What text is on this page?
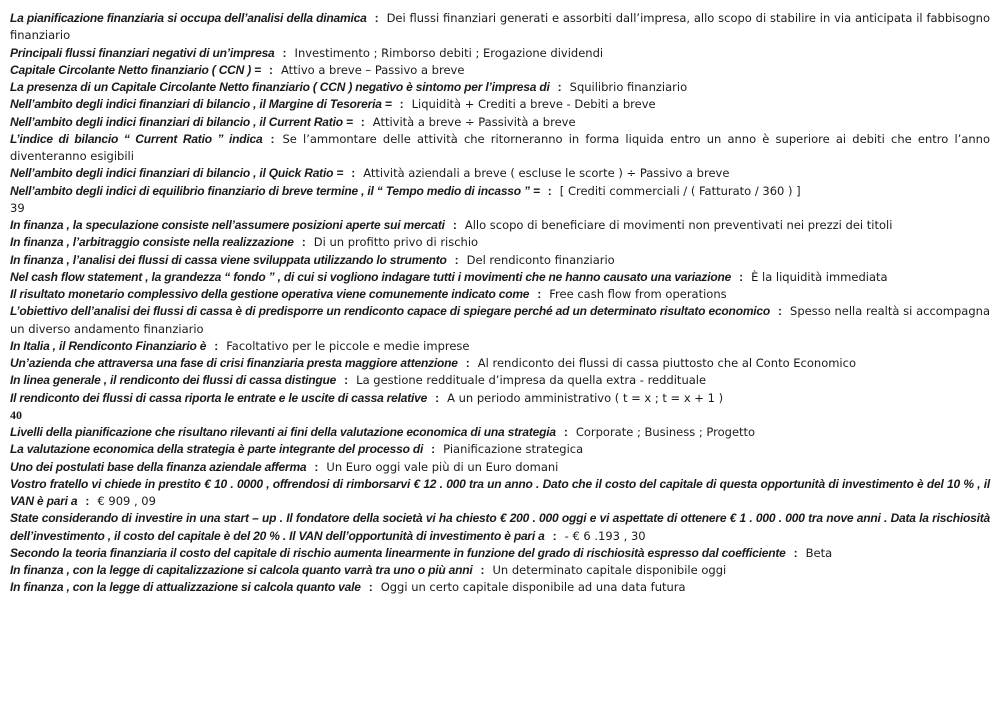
La pianificazione finanziaria si occupa dell’analisi della dinamica : Dei flussi finanziari generati e assorbiti dall’impresa, allo scopo di stabilire in via anticipata il fabbisogno finanziario

Principali flussi finanziari negativi di un’impresa : Investimento ; Rimborso debiti ; Erogazione dividendi

Capitale Circolante Netto finanziario ( CCN ) = : Attivo a breve – Passivo a breve

La presenza di un Capitale Circolante Netto finanziario ( CCN ) negativo è sintomo per l’impresa di : Squilibrio finanziario

Nell’ambito degli indici finanziari di bilancio , il Margine di Tesoreria = : Liquidità + Crediti a breve - Debiti a breve

Nell’ambito degli indici finanziari di bilancio , il Current Ratio = : Attività a breve ÷ Passività a breve

L’indice di bilancio “ Current Ratio ” indica : Se l’ammontare delle attività che ritorneranno in forma liquida entro un anno è superiore ai debiti che entro l’anno diventeranno esigibili

Nell’ambito degli indici finanziari di bilancio , il Quick Ratio = : Attività aziendali a breve ( escluse le scorte ) ÷ Passivo a breve

Nell’ambito degli indici di equilibrio finanziario di breve termine , il “ Tempo medio di incasso ” = : [ Crediti commerciali / ( Fatturato / 360 ) ]

39

In finanza , la speculazione consiste nell’assumere posizioni aperte sui mercati : Allo scopo di beneficiare di movimenti non preventivati nei prezzi dei titoli

In finanza , l’arbitraggio consiste nella realizzazione : Di un profitto privo di rischio

In finanza , l’analisi dei flussi di cassa viene sviluppata utilizzando lo strumento : Del rendiconto finanziario

Nel cash flow statement , la grandezza “ fondo ” , di cui si vogliono indagare tutti i movimenti che ne hanno causato una variazione : È la liquidità immediata

Il risultato monetario complessivo della gestione operativa viene comunemente indicato come : Free cash flow from operations

L’obiettivo dell’analisi dei flussi di cassa è di predisporre un rendiconto capace di spiegare perché ad un determinato risultato economico : Spesso nella realtà si accompagna un diverso andamento finanziario

In Italia , il Rendiconto Finanziario è : Facoltativo per le piccole e medie imprese

Un’azienda che attraversa una fase di crisi finanziaria presta maggiore attenzione : Al rendiconto dei flussi di cassa piuttosto che al Conto Economico

In linea generale , il rendiconto dei flussi di cassa distingue : La gestione reddituale d’impresa da quella extra - reddituale

Il rendiconto dei flussi di cassa riporta le entrate e le uscite di cassa relative : A un periodo amministrativo ( t = x ; t = x + 1 )

40

Livelli della pianificazione che risultano rilevanti ai fini della valutazione economica di una strategia : Corporate ; Business ; Progetto

La valutazione economica della strategia è parte integrante del processo di : Pianificazione strategica

Uno dei postulati base della finanza aziendale afferma : Un Euro oggi vale più di un Euro domani

Vostro fratello vi chiede in prestito € 10 . 0000 , offrendosi di rimborsarvi € 12 . 000 tra un anno . Dato che il costo del capitale di questa opportunità di investimento è del 10 % , il VAN è pari a : € 909 , 09

State considerando di investire in una start – up . Il fondatore della società vi ha chiesto € 200 . 000 oggi e vi aspettate di ottenere € 1 . 000 . 000 tra nove anni . Data la rischiosità dell’investimento , il costo del capitale è del 20 % . Il VAN dell’opportunità di investimento è pari a : - € 6 .193 , 30

Secondo la teoria finanziaria il costo del capitale di rischio aumenta linearmente in funzione del grado di rischiosità espresso dal coefficiente : Beta

In finanza , con la legge di capitalizzazione si calcola quanto varrà tra uno o più anni : Un determinato capitale disponibile oggi

In finanza , con la legge di attualizzazione si calcola quanto vale : Oggi un certo capitale disponibile ad una data futura
